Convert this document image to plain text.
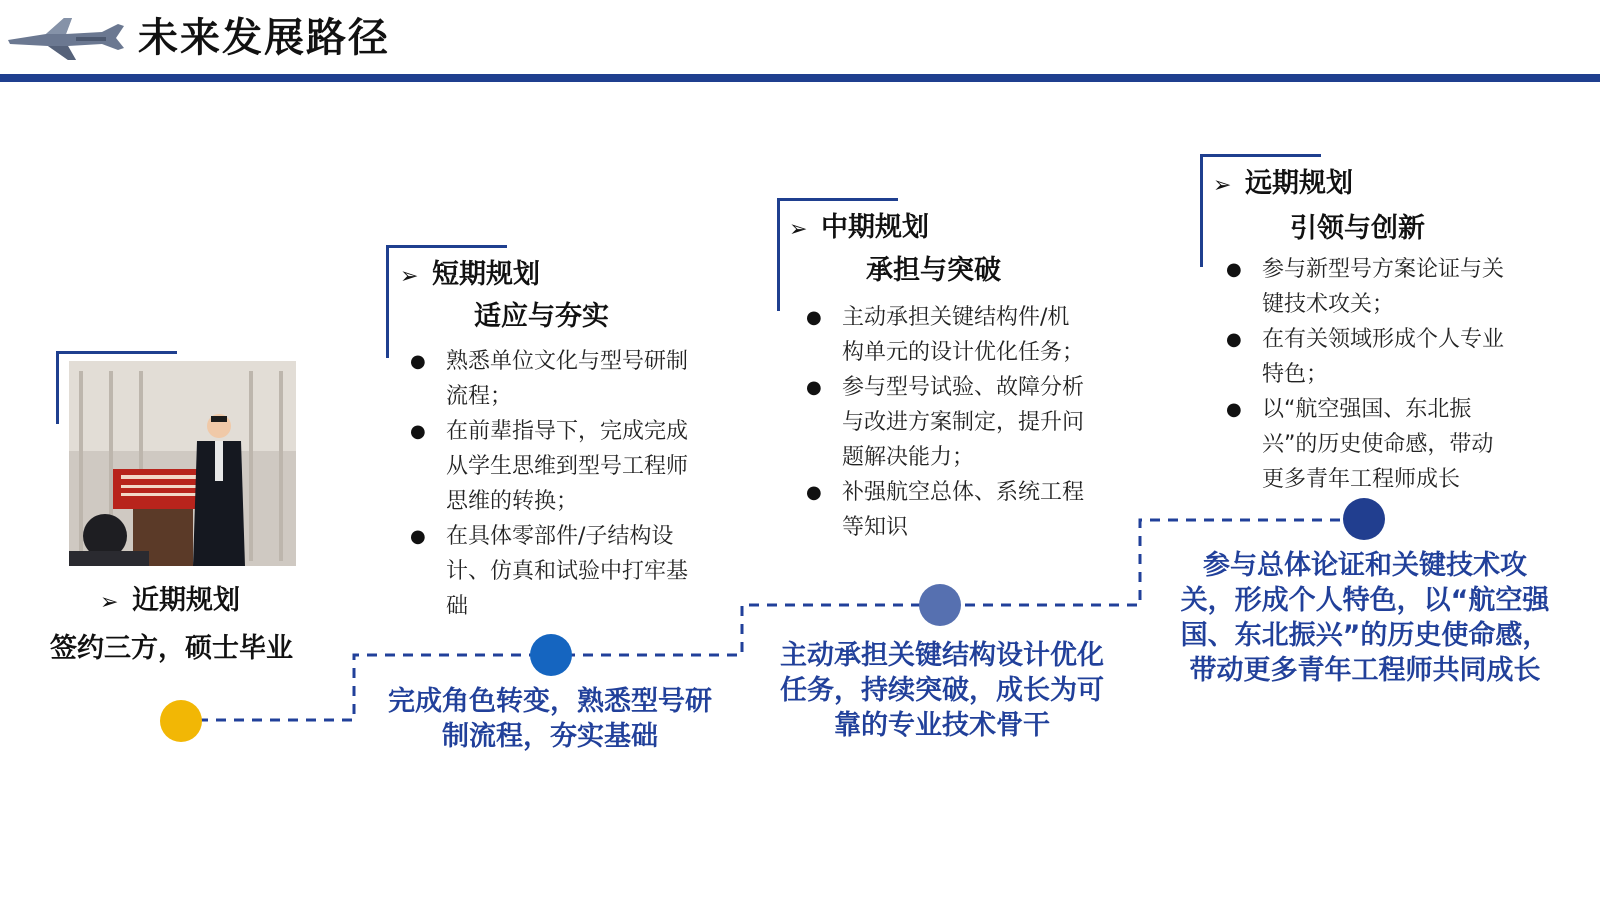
未来发展路径
➢ 近期规划
签约三方，硕士毕业
➢ 短期规划
适应与夯实
● 熟悉单位文化与型号研制流程；
● 在前辈指导下，完成完成从学生思维到型号工程师思维的转换；
● 在具体零部件/子结构设计、仿真和试验中打牢基础
完成角色转变，熟悉型号研制流程，夯实基础
➢ 中期规划
承担与突破
● 主动承担关键结构件/机构单元的设计优化任务；
● 参与型号试验、故障分析与改进方案制定，提升问题解决能力；
● 补强航空总体、系统工程等知识
主动承担关键结构设计优化任务，持续突破，成长为可靠的专业技术骨干
➢ 远期规划
引领与创新
● 参与新型号方案论证与关键技术攻关；
● 在有关领域形成个人专业特色；
● 以“航空强国、东北振兴”的历史使命感，带动更多青年工程师成长
参与总体论证和关键技术攻关，形成个人特色，以“航空强国、东北振兴”的历史使命感，带动更多青年工程师共同成长
